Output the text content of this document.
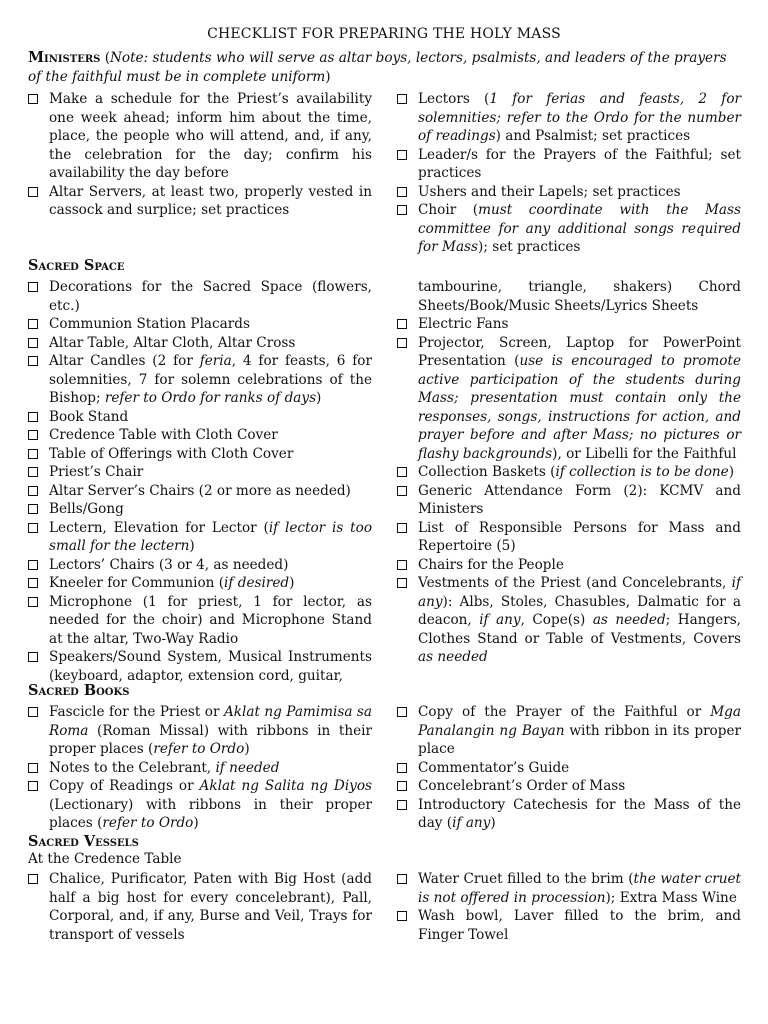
CHECKLIST FOR PREPARING THE HOLY MASS
Ministers (Note: students who will serve as altar boys, lectors, psalmists, and leaders of the prayers of the faithful must be in complete uniform)
Make a schedule for the Priest’s availability one week ahead; inform him about the time, place, the people who will attend, and, if any, the celebration for the day; confirm his availability the day before
Altar Servers, at least two, properly vested in cassock and surplice; set practices
Lectors (1 for ferias and feasts, 2 for solemnities; refer to the Ordo for the number of readings) and Psalmist; set practices
Leader/s for the Prayers of the Faithful; set practices
Ushers and their Lapels; set practices
Choir (must coordinate with the Mass committee for any additional songs required for Mass); set practices
Sacred Space
Decorations for the Sacred Space (flowers, etc.)
Communion Station Placards
Altar Table, Altar Cloth, Altar Cross
Altar Candles (2 for feria, 4 for feasts, 6 for solemnities, 7 for solemn celebrations of the Bishop; refer to Ordo for ranks of days)
Book Stand
Credence Table with Cloth Cover
Table of Offerings with Cloth Cover
Priest’s Chair
Altar Server’s Chairs (2 or more as needed)
Bells/Gong
Lectern, Elevation for Lector (if lector is too small for the lectern)
Lectors’ Chairs (3 or 4, as needed)
Kneeler for Communion (if desired)
Microphone (1 for priest, 1 for lector, as needed for the choir) and Microphone Stand at the altar, Two-Way Radio
Speakers/Sound System, Musical Instruments (keyboard, adaptor, extension cord, guitar,
tambourine, triangle, shakers) Chord Sheets/Book/Music Sheets/Lyrics Sheets
Electric Fans
Projector, Screen, Laptop for PowerPoint Presentation (use is encouraged to promote active participation of the students during Mass; presentation must contain only the responses, songs, instructions for action, and prayer before and after Mass; no pictures or flashy backgrounds), or Libelli for the Faithful
Collection Baskets (if collection is to be done)
Generic Attendance Form (2): KCMV and Ministers
List of Responsible Persons for Mass and Repertoire (5)
Chairs for the People
Vestments of the Priest (and Concelebrants, if any): Albs, Stoles, Chasubles, Dalmatic for a deacon, if any, Cope(s) as needed; Hangers, Clothes Stand or Table of Vestments, Covers as needed
Sacred Books
Fascicle for the Priest or Aklat ng Pamimisa sa Roma (Roman Missal) with ribbons in their proper places (refer to Ordo)
Notes to the Celebrant, if needed
Copy of Readings or Aklat ng Salita ng Diyos (Lectionary) with ribbons in their proper places (refer to Ordo)
Copy of the Prayer of the Faithful or Mga Panalangin ng Bayan with ribbon in its proper place
Commentator’s Guide
Concelebrant’s Order of Mass
Introductory Catechesis for the Mass of the day (if any)
Sacred Vessels
At the Credence Table
Chalice, Purificator, Paten with Big Host (add half a big host for every concelebrant), Pall, Corporal, and, if any, Burse and Veil, Trays for transport of vessels
Water Cruet filled to the brim (the water cruet is not offered in procession); Extra Mass Wine
Wash bowl, Laver filled to the brim, and Finger Towel
